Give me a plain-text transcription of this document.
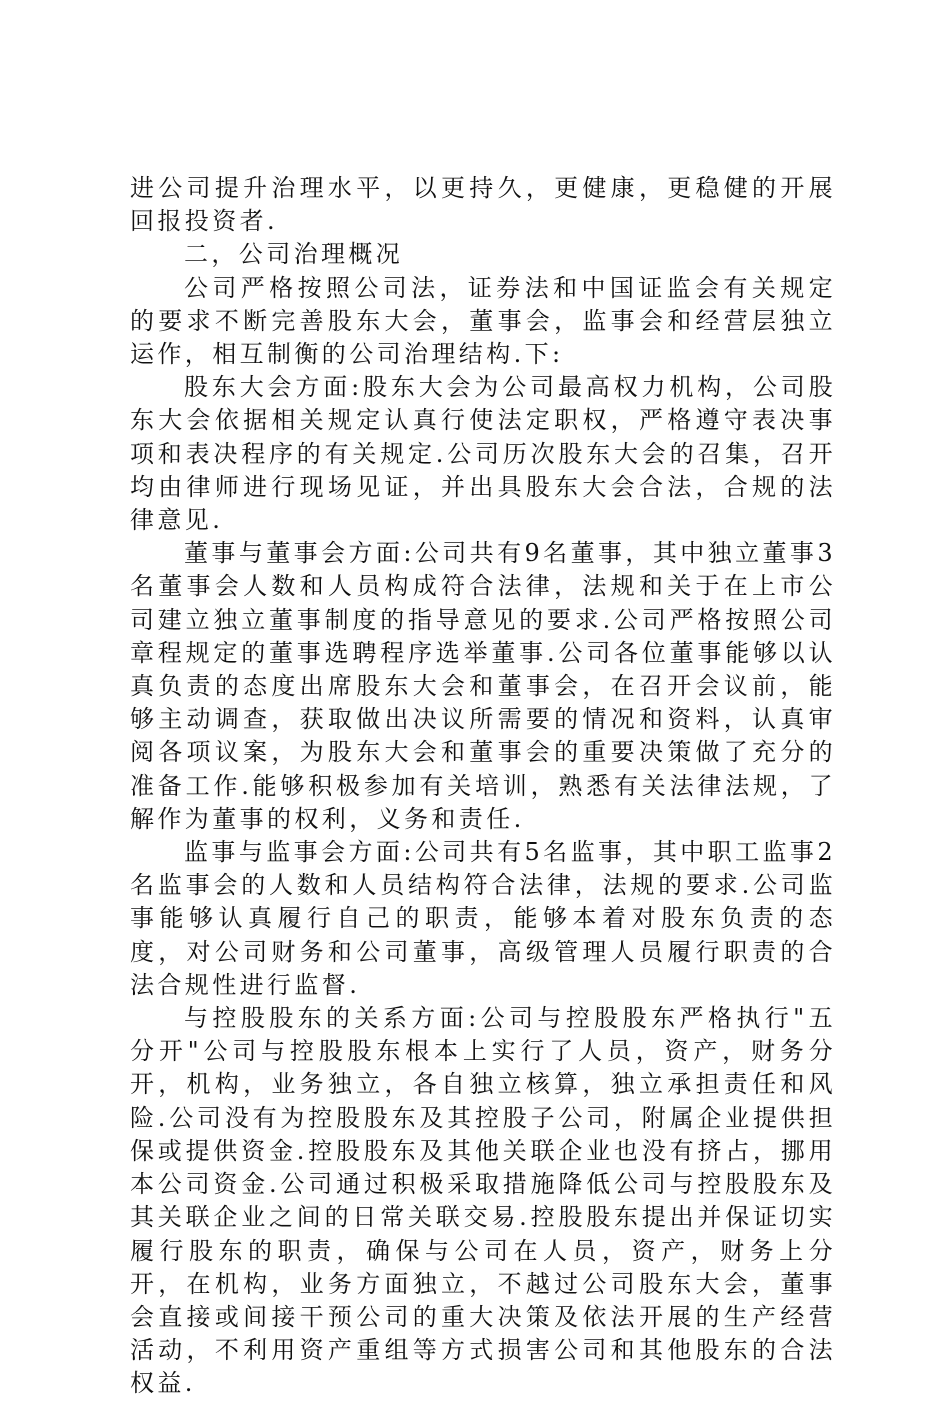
进公司提升治理水平，以更持久，更健康，更稳健的开展回报投资者.

二，公司治理概况

公司严格按照公司法，证券法和中国证监会有关规定的要求不断完善股东大会，董事会，监事会和经营层独立运作，相互制衡的公司治理结构.下:

股东大会方面:股东大会为公司最高权力机构，公司股东大会依据相关规定认真行使法定职权，严格遵守表决事项和表决程序的有关规定.公司历次股东大会的召集，召开均由律师进行现场见证，并出具股东大会合法，合规的法律意见.

董事与董事会方面:公司共有9名董事，其中独立董事3名董事会人数和人员构成符合法律，法规和关于在上市公司建立独立董事制度的指导意见的要求.公司严格按照公司章程规定的董事选聘程序选举董事.公司各位董事能够以认真负责的态度出席股东大会和董事会，在召开会议前，能够主动调查，获取做出决议所需要的情况和资料，认真审阅各项议案，为股东大会和董事会的重要决策做了充分的准备工作.能够积极参加有关培训，熟悉有关法律法规，了解作为董事的权利，义务和责任.

监事与监事会方面:公司共有5名监事，其中职工监事2名监事会的人数和人员结构符合法律，法规的要求.公司监事能够认真履行自己的职责，能够本着对股东负责的态度，对公司财务和公司董事，高级管理人员履行职责的合法合规性进行监督.

与控股股东的关系方面:公司与控股股东严格执行"五分开"公司与控股股东根本上实行了人员，资产，财务分开，机构，业务独立，各自独立核算，独立承担责任和风险.公司没有为控股股东及其控股子公司，附属企业提供担保或提供资金.控股股东及其他关联企业也没有挤占，挪用本公司资金.公司通过积极采取措施降低公司与控股股东及其关联企业之间的日常关联交易.控股股东提出并保证切实履行股东的职责，确保与公司在人员，资产，财务上分开，在机构，业务方面独立，不越过公司股东大会，董事会直接或间接干预公司的重大决策及依法开展的生产经营活动，不利用资产重组等方式损害公司和其他股东的合法权益.
